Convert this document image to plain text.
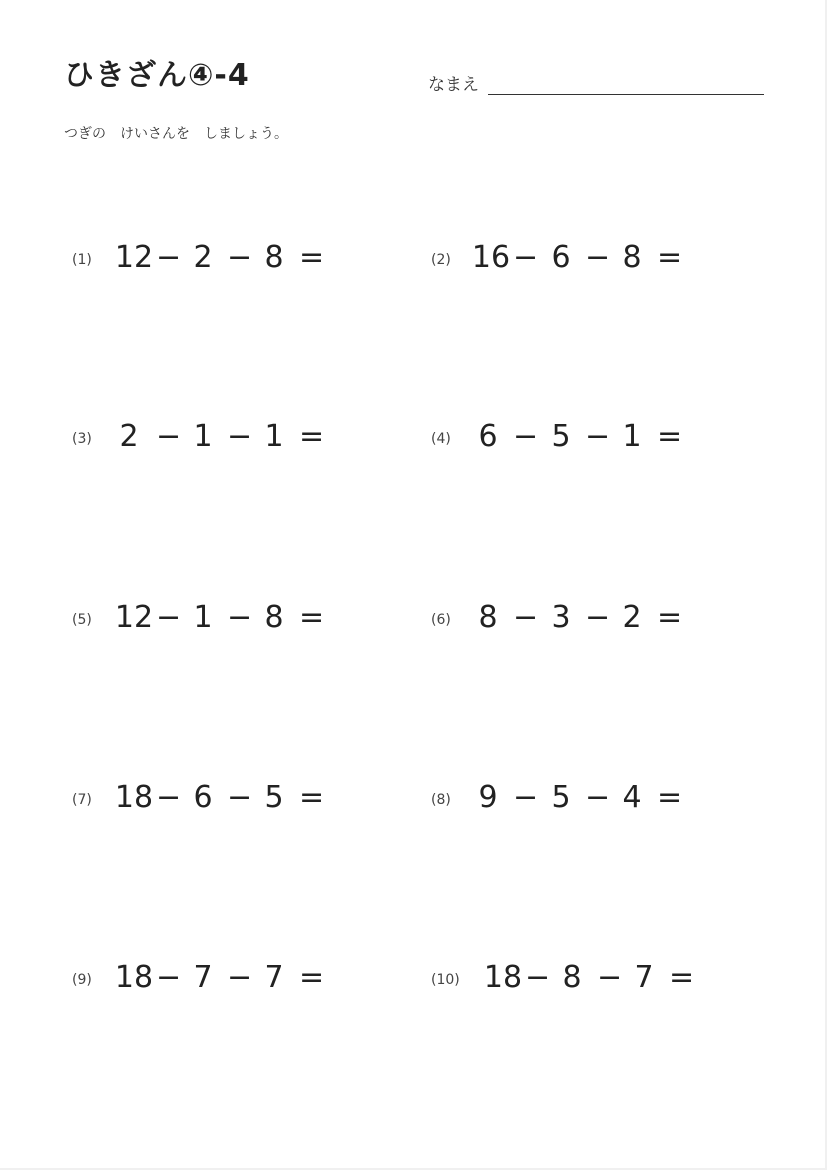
ひきざん④-4	なまえ
つぎの　けいさんを　しましょう。
(1) 12 − 2 − 8 =
(3) 2 − 1 − 1 =
(5) 12 − 1 − 8 =
(7) 18 − 6 − 5 =
(9) 18 − 7 − 7 =
(2) 16 − 6 − 8 =
(4) 6 − 5 − 1 =
(6) 8 − 3 − 2 =
(8) 9 − 5 − 4 =
(10) 18 − 8 − 7 =
